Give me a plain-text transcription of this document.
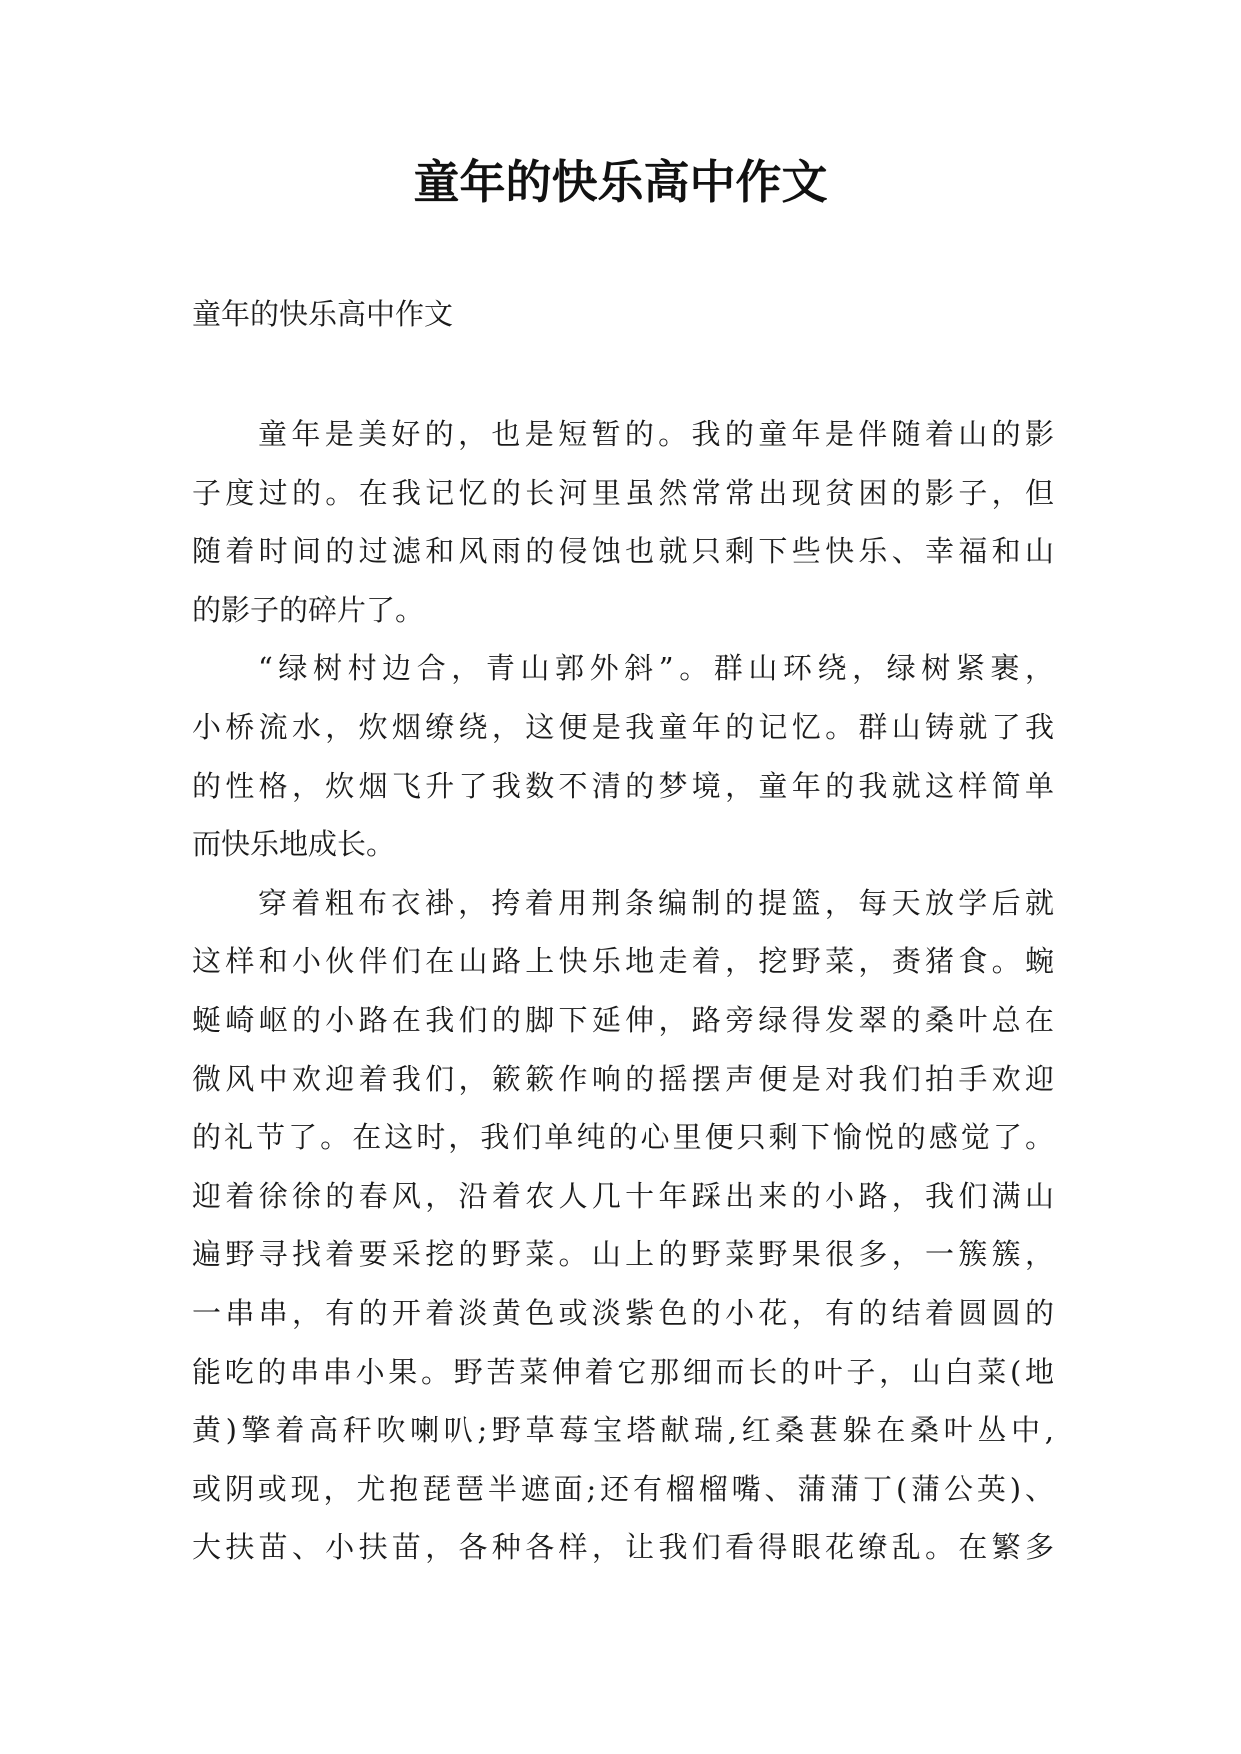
童年的快乐高中作文

童年的快乐高中作文

童年是美好的，也是短暂的。我的童年是伴随着山的影
子度过的。在我记忆的长河里虽然常常出现贫困的影子，但
随着时间的过滤和风雨的侵蚀也就只剩下些快乐、幸福和山
的影子的碎片了。

“绿树村边合，青山郭外斜”。群山环绕，绿树紧裹，
小桥流水，炊烟缭绕，这便是我童年的记忆。群山铸就了我
的性格，炊烟飞升了我数不清的梦境，童年的我就这样简单
而快乐地成长。

穿着粗布衣褂，挎着用荆条编制的提篮，每天放学后就
这样和小伙伴们在山路上快乐地走着，挖野菜，赉猪食。蜿
蜒崎岖的小路在我们的脚下延伸，路旁绿得发翠的桑叶总在
微风中欢迎着我们，簌簌作响的摇摆声便是对我们拍手欢迎
的礼节了。在这时，我们单纯的心里便只剩下愉悦的感觉了。
迎着徐徐的春风，沿着农人几十年踩出来的小路，我们满山
遍野寻找着要采挖的野菜。山上的野菜野果很多，一簇簇，
一串串，有的开着淡黄色或淡紫色的小花，有的结着圆圆的
能吃的串串小果。野苦菜伸着它那细而长的叶子，山白菜(地
黄)擎着高秆吹喇叭;野草莓宝塔献瑞,红桑葚躲在桑叶丛中,
或阴或现，尤抱琵琶半遮面;还有榴榴嘴、蒲蒲丁(蒲公英)、
大扶苗、小扶苗，各种各样，让我们看得眼花缭乱。在繁多
